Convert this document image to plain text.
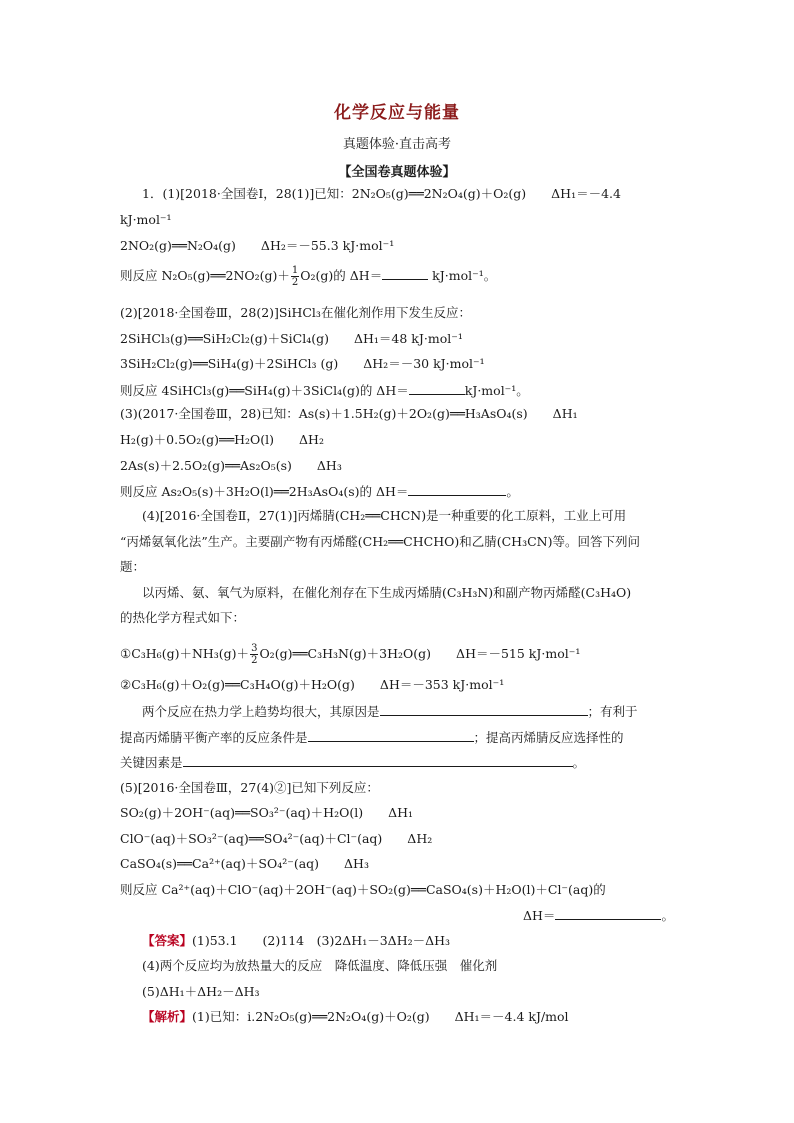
化学反应与能量
真题体验·直击高考
【全国卷真题体验】
1．(1)[2018·全国卷Ⅰ，28(1)]已知：2N₂O₅(g)══2N₂O₄(g)＋O₂(g)　　ΔH₁＝－4.4
kJ·mol⁻¹
2NO₂(g)══N₂O₄(g)　　ΔH₂＝－55.3 kJ·mol⁻¹
则反应 N₂O₅(g)══2NO₂(g)＋ $\frac{1}{2} O_2(g)$的 ΔH＝	kJ·mol⁻¹。
(2)[2018·全国卷Ⅲ，28(2)]SiHCl₃在催化剂作用下发生反应：
2SiHCl₃(g)══SiH₂Cl₂(g)＋SiCl₄(g)　　ΔH₁＝48 kJ·mol⁻¹
3SiH₂Cl₂(g)══SiH₄(g)＋2SiHCl₃ (g)　　ΔH₂＝－30 kJ·mol⁻¹
则反应 4SiHCl₃(g)══SiH₄(g)＋3SiCl₄(g)的 ΔH＝	kJ·mol⁻¹。
(3)(2017·全国卷Ⅲ，28)已知：As(s)＋1.5H₂(g)＋2O₂(g)══H₃AsO₄(s)　　ΔH₁
H₂(g)＋0.5O₂(g)══H₂O(l)　　ΔH₂
2As(s)＋2.5O₂(g)══As₂O₅(s)　　ΔH₃
则反应 As₂O₅(s)＋3H₂O(l)══2H₃AsO₄(s)的 ΔH＝	。
(4)[2016·全国卷Ⅱ，27(1)]丙烯腈(CH₂══CHCN)是一种重要的化工原料，工业上可用
“丙烯氨氧化法”生产。主要副产物有丙烯醛(CH₂══CHCHO)和乙腈(CH₃CN)等。回答下列问
题：
以丙烯、氨、氧气为原料，在催化剂存在下生成丙烯腈(C₃H₃N)和副产物丙烯醛(C₃H₄O)
的热化学方程式如下：
①C₃H₆(g)＋NH₃(g)＋ $\frac{3}{2}$ O₂(g)══C₃H₃N(g)＋3H₂O(g)　　ΔH＝－515 kJ·mol⁻¹
②C₃H₆(g)＋O₂(g)══C₃H₄O(g)＋H₂O(g)　　ΔH＝－353 kJ·mol⁻¹
两个反应在热力学上趋势均很大，其原因是	；有利于
提高丙烯腈平衡产率的反应条件是	；提高丙烯腈反应选择性的
关键因素是	。
(5)[2016·全国卷Ⅲ，27(4)②]已知下列反应：
SO₂(g)＋2OH⁻(aq)══SO₃²⁻(aq)＋H₂O(l)　　ΔH₁
ClO⁻(aq)＋SO₃²⁻(aq)══SO₄²⁻(aq)＋Cl⁻(aq)　　ΔH₂
CaSO₄(s)══Ca²⁺(aq)＋SO₄²⁻(aq)　　ΔH₃
则反应 Ca²⁺(aq)＋ClO⁻(aq)＋2OH⁻(aq)＋SO₂(g)══CaSO₄(s)＋H₂O(l)＋Cl⁻(aq)的
ΔH＝	。
【答案】(1)53.1　　(2)114　(3)2ΔH₁－3ΔH₂－ΔH₃
(4)两个反应均为放热量大的反应　降低温度、降低压强　催化剂
(5)ΔH₁＋ΔH₂－ΔH₃
【解析】(1)已知：ⅰ.2N₂O₅(g)══2N₂O₄(g)＋O₂(g)　　ΔH₁＝－4.4 kJ/mol
